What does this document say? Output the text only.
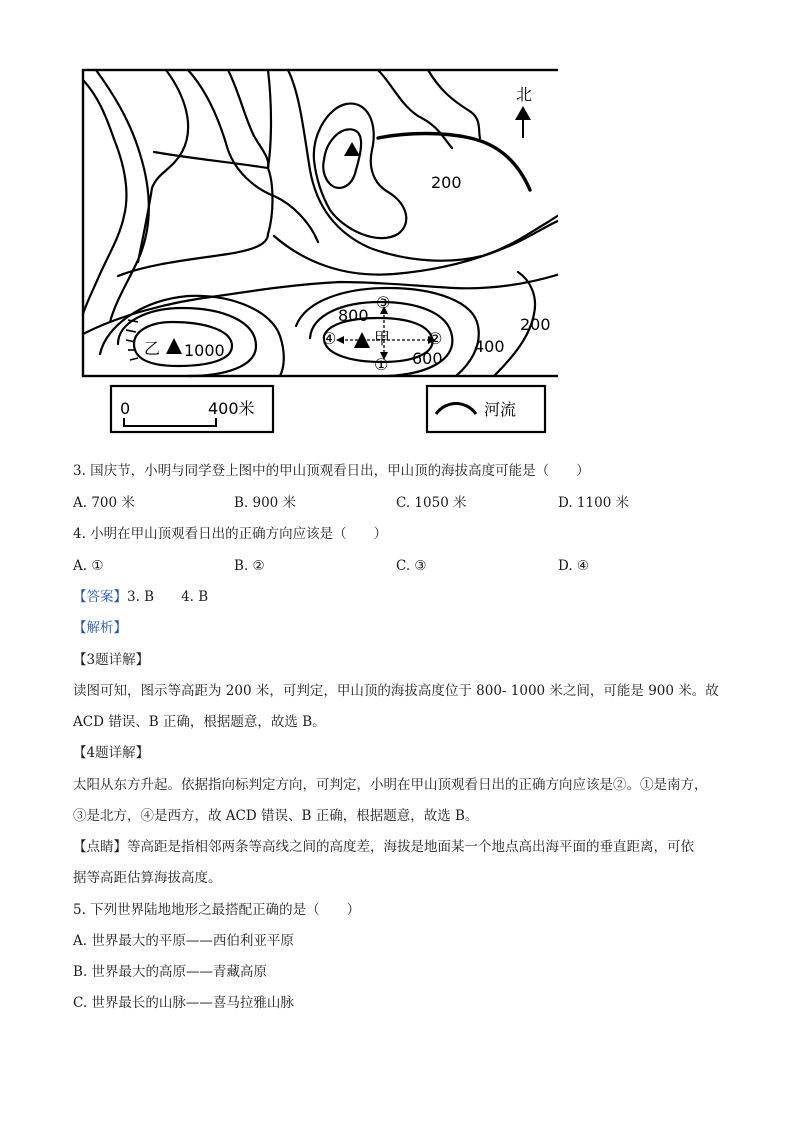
北
200
200
400
600
800
1000
乙
甲
③
②
④
①
0	400米	河流
3. 国庆节，小明与同学登上图中的甲山顶观看日出，甲山顶的海拔高度可能是（　　）
A. 700 米	B. 900 米	C. 1050 米	D. 1100 米
4. 小明在甲山顶观看日出的正确方向应该是（　　）
A. ①	B. ②	C. ③	D. ④
【答案】3. B　　4. B
【解析】
【3题详解】
读图可知，图示等高距为 200 米，可判定，甲山顶的海拔高度位于 800- 1000 米之间，可能是 900 米。故
ACD 错误、B 正确，根据题意，故选 B。
【4题详解】
太阳从东方升起。依据指向标判定方向，可判定，小明在甲山顶观看日出的正确方向应该是②。①是南方，
③是北方，④是西方，故 ACD 错误、B 正确，根据题意，故选 B。
【点睛】等高距是指相邻两条等高线之间的高度差，海拔是地面某一个地点高出海平面的垂直距离，可依
据等高距估算海拔高度。
5. 下列世界陆地地形之最搭配正确的是（　　）
A. 世界最大的平原——西伯利亚平原
B. 世界最大的高原——青藏高原
C. 世界最长的山脉——喜马拉雅山脉
